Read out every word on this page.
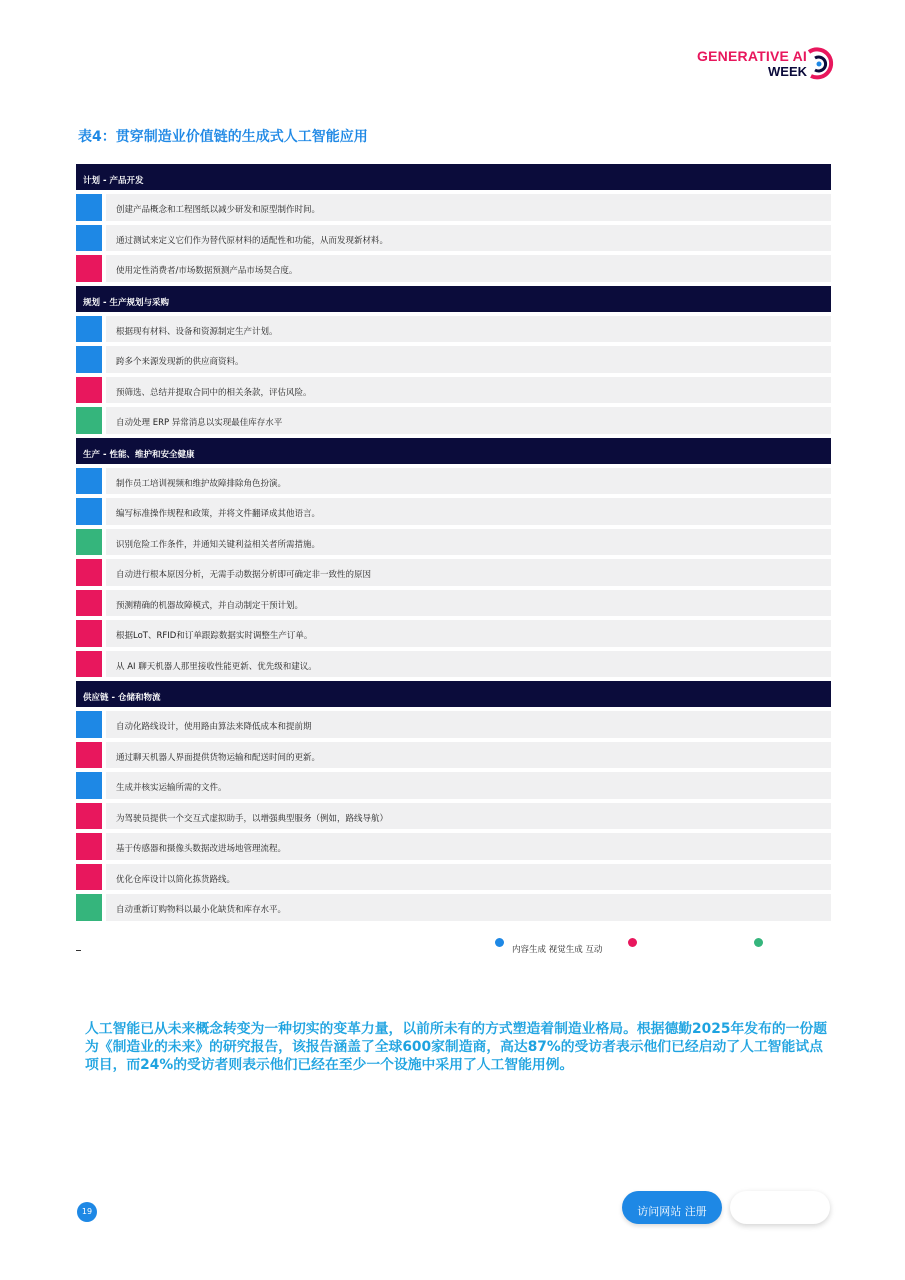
GENERATIVE AI
WEEK
表4：贯穿制造业价值链的生成式人工智能应用
计划 - 产品开发
创建产品概念和工程图纸以减少研发和原型制作时间。
通过测试来定义它们作为替代原材料的适配性和功能，从而发现新材料。
使用定性消费者/市场数据预测产品市场契合度。
规划 - 生产规划与采购
根据现有材料、设备和资源制定生产计划。
跨多个来源发现新的供应商资料。
预筛选、总结并提取合同中的相关条款，评估风险。
自动处理 ERP 异常消息以实现最佳库存水平
生产 - 性能、维护和安全健康
制作员工培训视频和维护故障排除角色扮演。
编写标准操作规程和政策，并将文件翻译成其他语言。
识别危险工作条件，并通知关键利益相关者所需措施。
自动进行根本原因分析，无需手动数据分析即可确定非一致性的原因
预测精确的机器故障模式，并自动制定干预计划。
根据LoT、RFID和订单跟踪数据实时调整生产订单。
从 AI 聊天机器人那里接收性能更新、优先级和建议。
供应链 - 仓储和物流
自动化路线设计，使用路由算法来降低成本和提前期
通过聊天机器人界面提供货物运输和配送时间的更新。
生成并核实运输所需的文件。
为驾驶员提供一个交互式虚拟助手，以增强典型服务（例如，路线导航）
基于传感器和摄像头数据改进场地管理流程。
优化仓库设计以简化拣货路线。
自动重新订购物料以最小化缺货和库存水平。
内容生成 视觉生成 互动
人工智能已从未来概念转变为一种切实的变革力量，以前所未有的方式塑造着制造业格局。根据德勤2025年发布的一份题为《制造业的未来》的研究报告，该报告涵盖了全球600家制造商，高达87%的受访者表示他们已经启动了人工智能试点项目，而24%的受访者则表示他们已经在至少一个设施中采用了人工智能用例。
19	访问网站 注册
